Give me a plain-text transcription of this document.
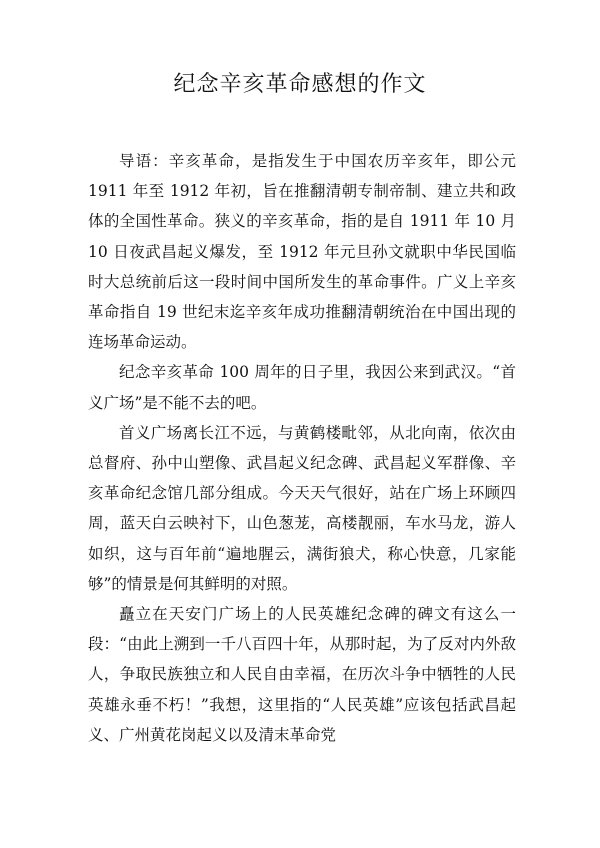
纪念辛亥革命感想的作文

导语：辛亥革命，是指发生于中国农历辛亥年，即公元 1911 年至 1912 年初，旨在推翻清朝专制帝制、建立共和政体的全国性革命。狭义的辛亥革命，指的是自 1911 年 10 月 10 日夜武昌起义爆发，至 1912 年元旦孙文就职中华民国临时大总统前后这一段时间中国所发生的革命事件。广义上辛亥革命指自 19 世纪末迄辛亥年成功推翻清朝统治在中国出现的连场革命运动。

纪念辛亥革命 100 周年的日子里，我因公来到武汉。“首义广场”是不能不去的吧。

首义广场离长江不远，与黄鹤楼毗邻，从北向南，依次由总督府、孙中山塑像、武昌起义纪念碑、武昌起义军群像、辛亥革命纪念馆几部分组成。今天天气很好，站在广场上环顾四周，蓝天白云映衬下，山色葱茏，高楼靓丽，车水马龙，游人如织，这与百年前“遍地腥云，满街狼犬，称心快意，几家能够”的情景是何其鲜明的对照。

矗立在天安门广场上的人民英雄纪念碑的碑文有这么一段：“由此上溯到一千八百四十年，从那时起，为了反对内外敌人，争取民族独立和人民自由幸福，在历次斗争中牺牲的人民英雄永垂不朽！”我想，这里指的“人民英雄”应该包括武昌起义、广州黄花岗起义以及清末革命党
